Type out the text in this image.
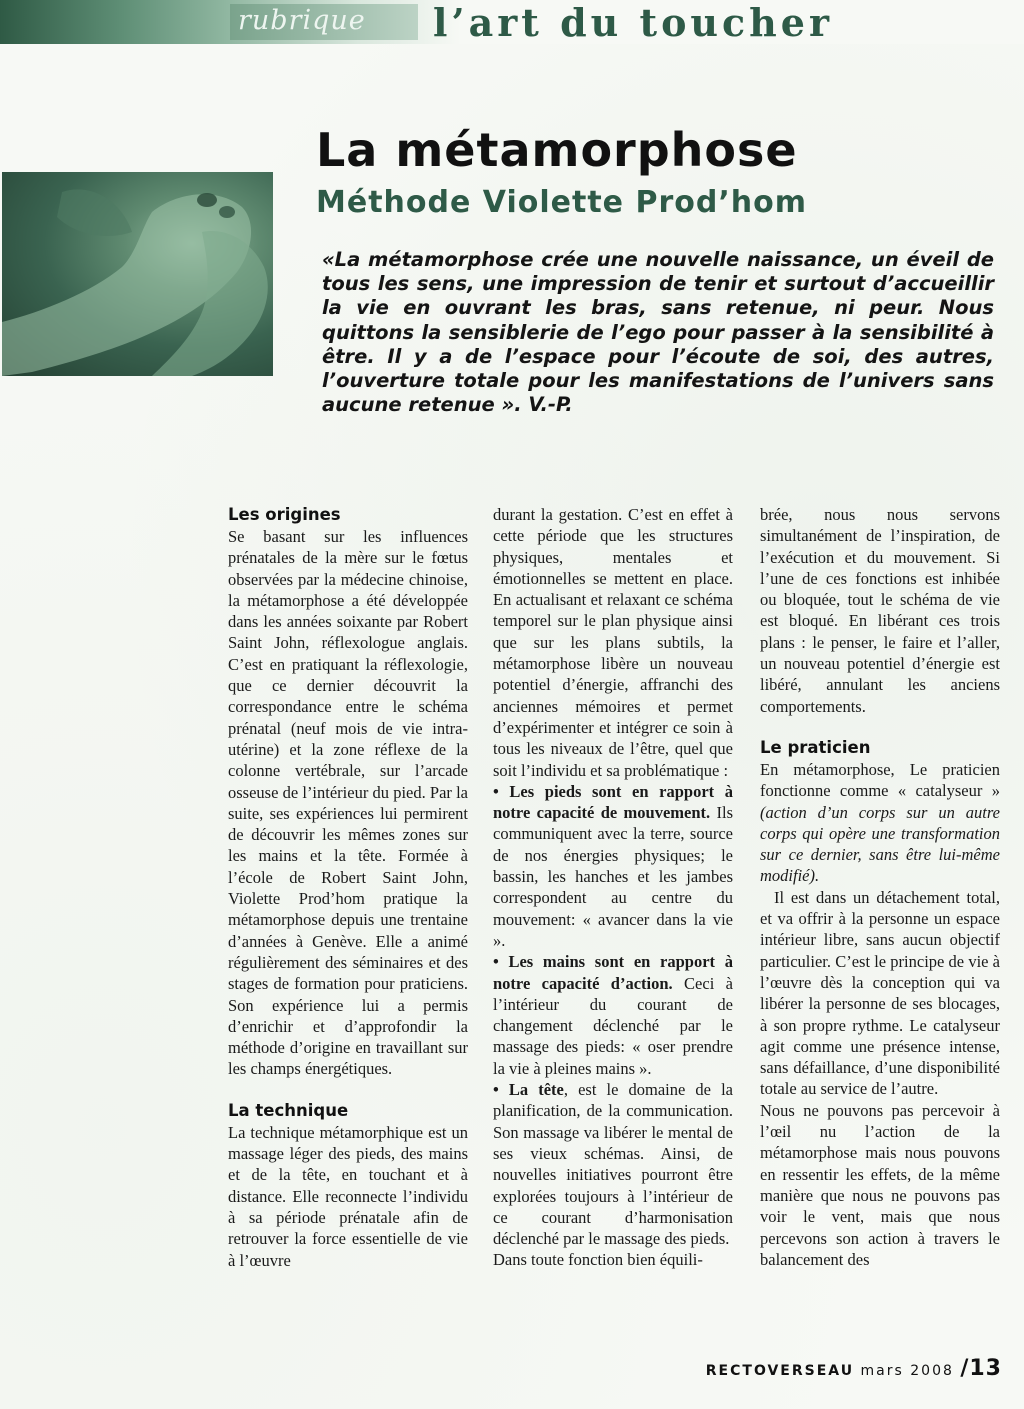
rubrique	l’art du toucher
La métamorphose
Méthode Violette Prod’hom
«La métamorphose crée une nouvelle naissance, un éveil de tous les sens, une impression de tenir et surtout d’accueillir la vie en ouvrant les bras, sans retenue, ni peur. Nous quittons la sensiblerie de l’ego pour passer à la sensibilité à être. Il y a de l’espace pour l’écoute de soi, des autres, l’ouverture totale pour les manifestations de l’univers sans aucune retenue ». V.-P.
Les origines

Se basant sur les influences prénatales de la mère sur le fœtus observées par la médecine chinoise, la métamorphose a été développée dans les années soixante par Robert Saint John, réflexologue anglais. C’est en pratiquant la réflexologie, que ce dernier découvrit la correspondance entre le schéma prénatal (neuf mois de vie intra-utérine) et la zone réflexe de la colonne vertébrale, sur l’arcade osseuse de l’intérieur du pied. Par la suite, ses expériences lui permirent de découvrir les mêmes zones sur les mains et la tête. Formée à l’école de Robert Saint John, Violette Prod’hom pratique la métamorphose depuis une trentaine d’années à Genève. Elle a animé régulièrement des séminaires et des stages de formation pour praticiens. Son expérience lui a permis d’enrichir et d’approfondir la méthode d’origine en travaillant sur les champs énergétiques.

La technique

La technique métamorphique est un massage léger des pieds, des mains et de la tête, en touchant et à distance. Elle reconnecte l’individu à sa période prénatale afin de retrouver la force essentielle de vie à l’œuvre

durant la gestation. C’est en effet à cette période que les structures physiques, mentales et émotionnelles se mettent en place. En actualisant et relaxant ce schéma temporel sur le plan physique ainsi que sur les plans subtils, la métamorphose libère un nouveau potentiel d’énergie, affranchi des anciennes mémoires et permet d’expérimenter et intégrer ce soin à tous les niveaux de l’être, quel que soit l’individu et sa problématique :

• Les pieds sont en rapport à notre capacité de mouvement. Ils communiquent avec la terre, source de nos énergies physiques; le bassin, les hanches et les jambes correspondent au centre du mouvement: « avancer dans la vie ».

• Les mains sont en rapport à notre capacité d’action. Ceci à l’intérieur du courant de changement déclenché par le massage des pieds: « oser prendre la vie à pleines mains ».

• La tête, est le domaine de la planification, de la communication. Son massage va libérer le mental de ses vieux schémas. Ainsi, de nouvelles initiatives pourront être explorées toujours à l’intérieur de ce courant d’harmonisation déclenché par le massage des pieds.

Dans toute fonction bien équili-

brée, nous nous servons simultanément de l’inspiration, de l’exécution et du mouvement. Si l’une de ces fonctions est inhibée ou bloquée, tout le schéma de vie est bloqué. En libérant ces trois plans : le penser, le faire et l’aller, un nouveau potentiel d’énergie est libéré, annulant les anciens comportements.

Le praticien

En métamorphose, Le praticien fonctionne comme « catalyseur » (action d’un corps sur un autre corps qui opère une transformation sur ce dernier, sans être lui-même modifié).

Il est dans un détachement total, et va offrir à la personne un espace intérieur libre, sans aucun objectif particulier. C’est le principe de vie à l’œuvre dès la conception qui va libérer la personne de ses blocages, à son propre rythme. Le catalyseur agit comme une présence intense, sans défaillance, d’une disponibilité totale au service de l’autre.

Nous ne pouvons pas percevoir à l’œil nu l’action de la métamorphose mais nous pouvons en ressentir les effets, de la même manière que nous ne pouvons pas voir le vent, mais que nous percevons son action à travers le balancement des

RECTOVERSEAU mars 2008 /13
